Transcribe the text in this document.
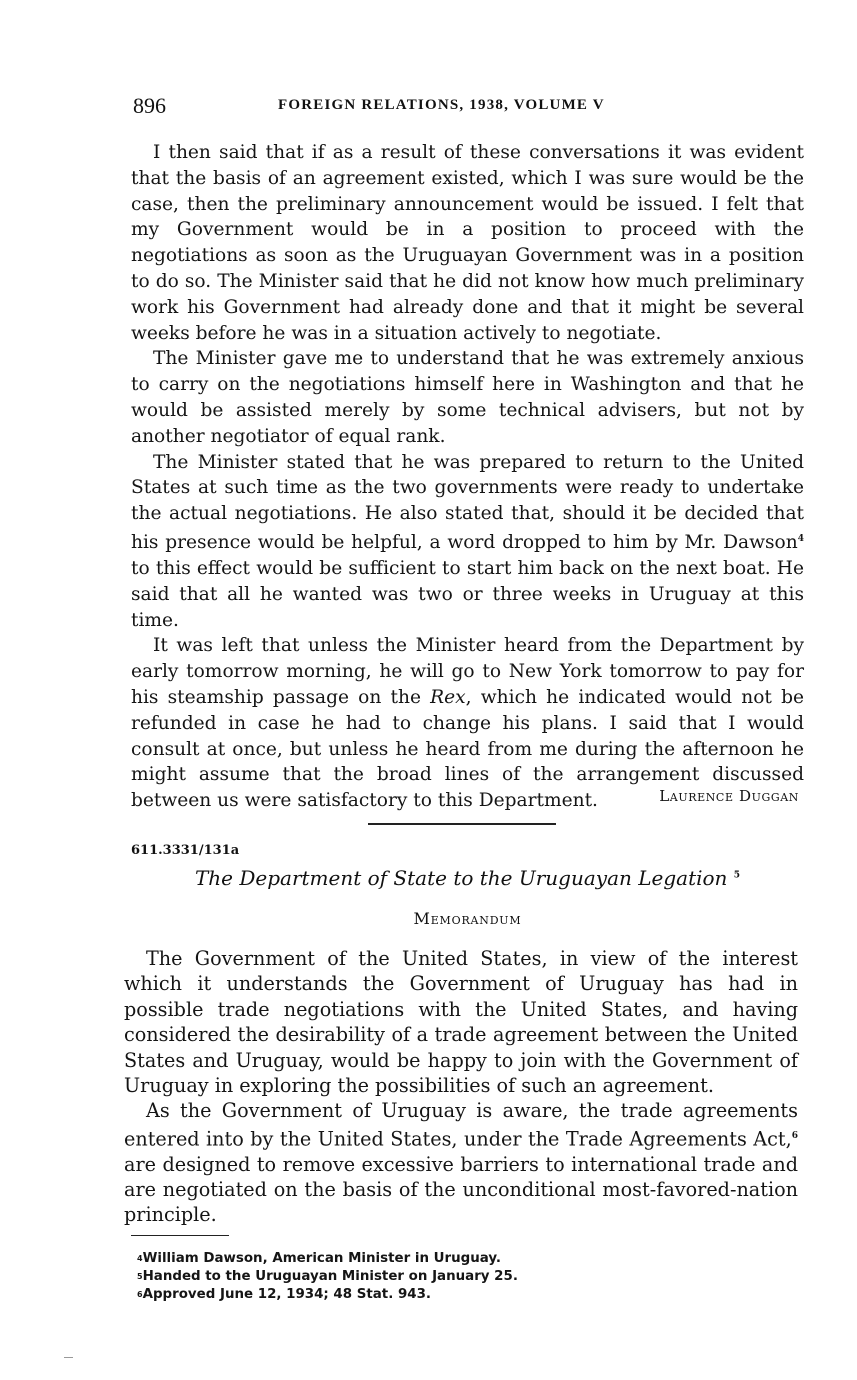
896	FOREIGN RELATIONS, 1938, VOLUME V

I then said that if as a result of these conversations it was evident that the basis of an agreement existed, which I was sure would be the case, then the preliminary announcement would be issued. I felt that my Government would be in a position to proceed with the negotiations as soon as the Uruguayan Government was in a position to do so. The Minister said that he did not know how much preliminary work his Government had already done and that it might be several weeks before he was in a situation actively to negotiate.

The Minister gave me to understand that he was extremely anxious to carry on the negotiations himself here in Washington and that he would be assisted merely by some technical advisers, but not by another negotiator of equal rank.

The Minister stated that he was prepared to return to the United States at such time as the two governments were ready to undertake the actual negotiations. He also stated that, should it be decided that his presence would be helpful, a word dropped to him by Mr. Dawson$^4$ to this effect would be sufficient to start him back on the next boat. He said that all he wanted was two or three weeks in Uruguay at this time.

It was left that unless the Minister heard from the Department by early tomorrow morning, he will go to New York tomorrow to pay for his steamship passage on the Rex, which he indicated would not be refunded in case he had to change his plans. I said that I would consult at once, but unless he heard from me during the afternoon he might assume that the broad lines of the arrangement discussed between us were satisfactory to this Department.	Laurence Duggan
611.3331/131a
The Department of State to the Uruguayan Legation $^5$
Memorandum

The Government of the United States, in view of the interest which it understands the Government of Uruguay has had in possible trade negotiations with the United States, and having considered the desirability of a trade agreement between the United States and Uruguay, would be happy to join with the Government of Uruguay in exploring the possibilities of such an agreement.

As the Government of Uruguay is aware, the trade agreements entered into by the United States, under the Trade Agreements Act,$^6$ are designed to remove excessive barriers to international trade and are negotiated on the basis of the unconditional most-favored-nation principle.

$^4$William Dawson, American Minister in Uruguay.

$^5$Handed to the Uruguayan Minister on January 25.

$^6$Approved June 12, 1934; 48 Stat. 943.
